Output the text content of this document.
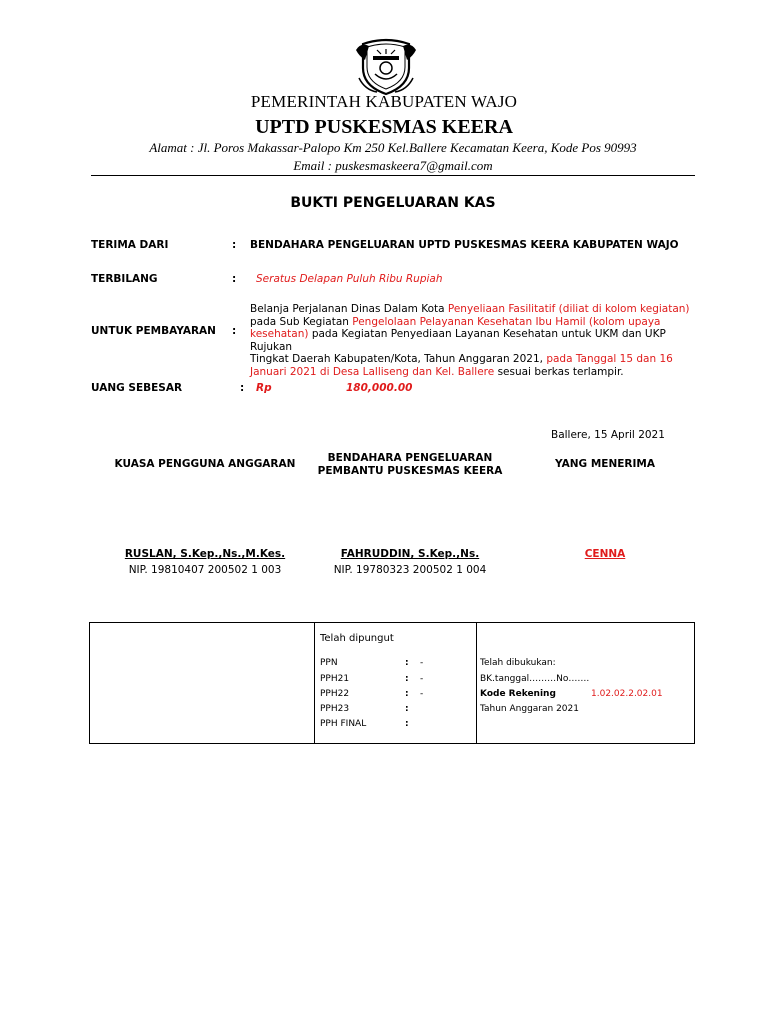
PEMERINTAH KABUPATEN WAJO
UPTD PUSKESMAS KEERA
Alamat : Jl. Poros Makassar-Palopo Km 250 Kel.Ballere Kecamatan Keera, Kode Pos 90993
Email : puskesmaskeera7@gmail.com
BUKTI PENGELUARAN KAS
TERIMA DARI	: BENDAHARA PENGELUARAN UPTD PUSKESMAS KEERA KABUPATEN WAJO
TERBILANG	: Seratus Delapan Puluh Ribu Rupiah
UNTUK PEMBAYARAN :
Belanja Perjalanan Dinas Dalam Kota Penyeliaan Fasilitatif (diliat di kolom kegiatan)
pada Sub Kegiatan Pengelolaan Pelayanan Kesehatan Ibu Hamil (kolom upaya
kesehatan) pada Kegiatan Penyediaan Layanan Kesehatan untuk UKM dan UKP Rujukan
Tingkat Daerah Kabupaten/Kota, Tahun Anggaran 2021, pada Tanggal 15 dan 16
Januari 2021 di Desa Lalliseng dan Kel. Ballere sesuai berkas terlampir.
UANG SEBESAR	: Rp	180,000.00
Ballere, 15 April 2021
KUASA PENGGUNA ANGGARAN	BENDAHARA PENGELUARAN
PEMBANTU PUSKESMAS KEERA
YANG MENERIMA
RUSLAN, S.Kep.,Ns.,M.Kes.
NIP. 19810407 200502 1 003
FAHRUDDIN, S.Kep.,Ns.
NIP. 19780323 200502 1 004
CENNA
Telah dipungut
PPN	: -
PPH21	: -
PPH22	: -
PPH23	:
PPH FINAL	:
Telah dibukukan:
BK.tanggal………No…….
Kode Rekening	1.02.02.2.02.01
Tahun Anggaran 2021
